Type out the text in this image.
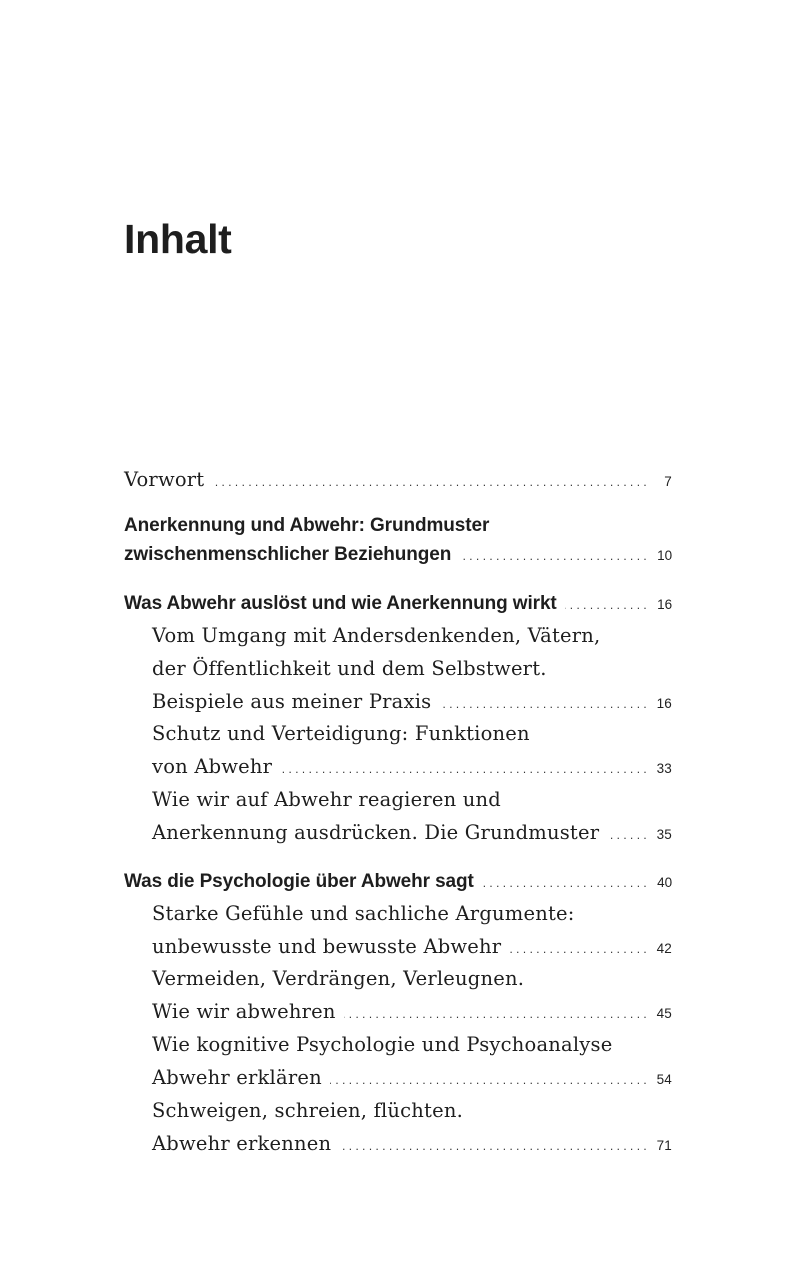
Inhalt
Vorwort .....	7
Anerkennung und Abwehr: Grundmuster
zwischenmenschlicher Beziehungen .....	10
Was Abwehr auslöst und wie Anerkennung wirkt .....	16
Vom Umgang mit Andersdenkenden, Vätern,
der Öffentlichkeit und dem Selbstwert.
Beispiele aus meiner Praxis .....	16
Schutz und Verteidigung: Funktionen
von Abwehr .....	33
Wie wir auf Abwehr reagieren und
Anerkennung ausdrücken. Die Grundmuster .....	35
Was die Psychologie über Abwehr sagt .....	40
Starke Gefühle und sachliche Argumente:
unbewusste und bewusste Abwehr .....	42
Vermeiden, Verdrängen, Verleugnen.
Wie wir abwehren .....	45
Wie kognitive Psychologie und Psychoanalyse
Abwehr erklären .....	54
Schweigen, schreien, flüchten.
Abwehr erkennen .....	71
